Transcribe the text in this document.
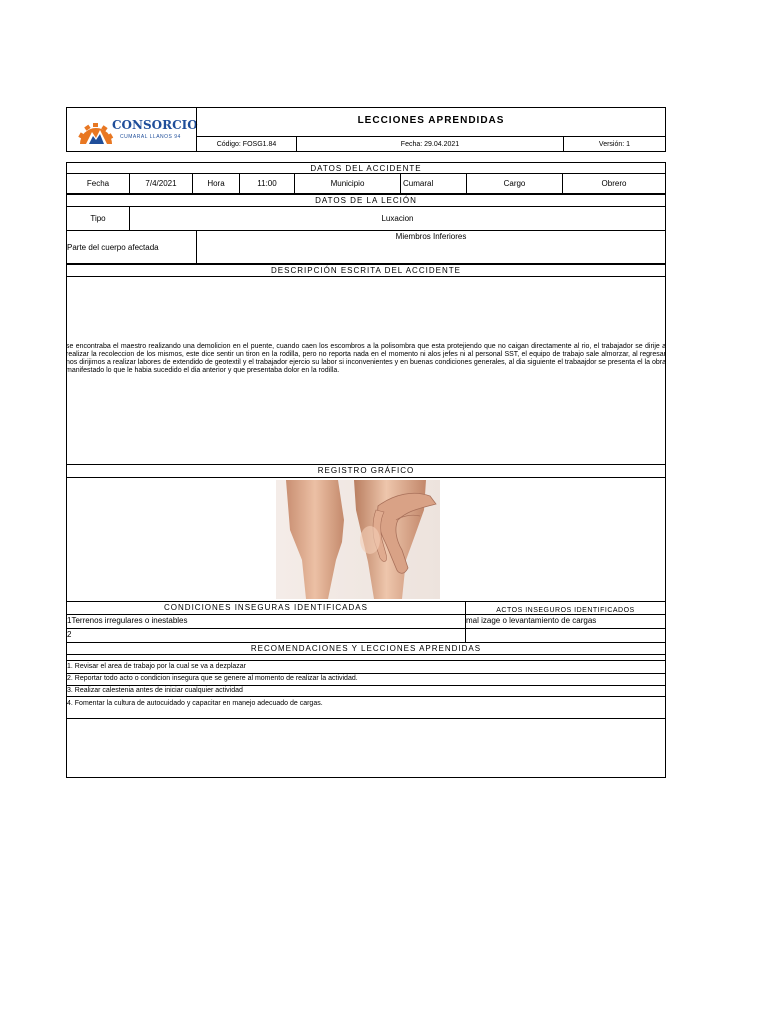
CONSORCIO
CUMARAL LLANOS 94
LECCIONES APRENDIDAS
Código: FOSG1.84	Fecha: 29.04.2021	Versión: 1
DATOS DEL ACCIDENTE
Fecha	7/4/2021	Hora	11:00	Municipio	Cumaral	Cargo	Obrero
DATOS DE LA LECIÓN
Tipo	Luxacion
Parte del cuerpo afectada
Miembros Inferiores
DESCRIPCIÓN ESCRITA DEL ACCIDENTE
se encontraba el maestro realizando una demolicion en el puente, cuando caen los escombros a la polisombra que esta protejiendo que no caigan directamente al rio, el trabajador se dirije a realizar la recoleccion de los mismos, este dice sentir un tiron en la rodilla, pero no reporta nada en el momento ni alos jefes ni al personal SST, el equipo de trabajo sale almorzar, al regresar nos dirijimos a realizar labores de extendido de geotextil y el trabajador ejercio su labor si inconvenientes y en buenas condiciones generales, al dia siguiente el trabaajdor se presenta el la obra manifestado lo que le habia sucedido el dia anterior y que presentaba dolor en la rodilla.
REGISTRO GRÁFICO
CONDICIONES INSEGURAS IDENTIFICADAS	ACTOS INSEGUROS IDENTIFICADOS
1Terrenos irregulares o inestables	mal izage o levantamiento de cargas
2
RECOMENDACIONES Y LECCIONES APRENDIDAS
1. Revisar el area de trabajo por la cual se va a dezplazar
2. Reportar todo acto o condicion insegura que se genere al momento de realizar la actividad.
3. Realizar calestenia antes de iniciar cualquier actividad
4. Fomentar la cultura de autocuidado y capacitar en manejo adecuado de cargas.
